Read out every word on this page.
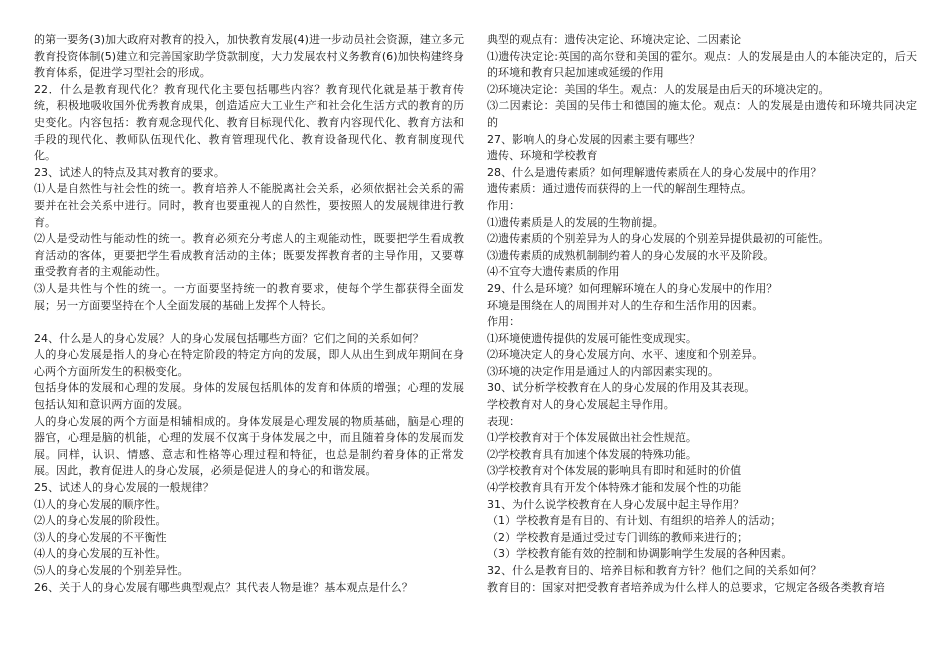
的第一要务(3)加大政府对教育的投入，加快教育发展(4)进一步动员社会资源，建立多元教育投资体制(5)建立和完善国家助学贷款制度，大力发展农村义务教育(6)加快构建终身教育体系，促进学习型社会的形成。

22．什么是教育现代化？教育现代化主要包括哪些内容？教育现代化就是基于教育传统，积极地吸收国外优秀教育成果，创造适应大工业生产和社会化生活方式的教育的历史变化。内容包括：教育观念现代化、教育目标现代化、教育内容现代化、教育方法和手段的现代化、教师队伍现代化、教育管理现代化、教育设备现代化、教育制度现代化。

23、试述人的特点及其对教育的要求。

⑴人是自然性与社会性的统一。教育培养人不能脱离社会关系，必须依据社会关系的需要并在社会关系中进行。同时，教育也要重视人的自然性，要按照人的发展规律进行教育。

⑵人是受动性与能动性的统一。教育必须充分考虑人的主观能动性，既要把学生看成教育活动的客体，更要把学生看成教育活动的主体；既要发挥教育者的主导作用，又要尊重受教育者的主观能动性。

⑶人是共性与个性的统一。一方面要坚持统一的教育要求，使每个学生都获得全面发展；另一方面要坚持在个人全面发展的基础上发挥个人特长。

24、什么是人的身心发展？人的身心发展包括哪些方面？它们之间的关系如何？

人的身心发展是指人的身心在特定阶段的特定方向的发展，即人从出生到成年期间在身心两个方面所发生的积极变化。

包括身体的发展和心理的发展。身体的发展包括肌体的发育和体质的增强；心理的发展包括认知和意识两方面的发展。

人的身心发展的两个方面是相辅相成的。身体发展是心理发展的物质基础，脑是心理的器官，心理是脑的机能，心理的发展不仅寓于身体发展之中，而且随着身体的发展而发展。同样，认识、情感、意志和性格等心理过程和特征，也总是制约着身体的正常发展。因此，教育促进人的身心发展，必须是促进人的身心的和谐发展。

25、试述人的身心发展的一般规律？

⑴人的身心发展的顺序性。

⑵人的身心发展的阶段性。

⑶人的身心发展的不平衡性

⑷人的身心发展的互补性。

⑸人的身心发展的个别差异性。

26、关于人的身心发展有哪些典型观点？其代表人物是谁？基本观点是什么？

典型的观点有：遗传决定论、环境决定论、二因素论

⑴遗传决定论:英国的高尔登和美国的霍尔。观点：人的发展是由人的本能决定的，后天的环境和教育只起加速或延缓的作用

⑵环境决定论：美国的华生。观点：人的发展是由后天的环境决定的。

⑶二因素论：美国的吴伟士和德国的施太伦。观点：人的发展是由遗传和环境共同决定的

27、影响人的身心发展的因素主要有哪些？

遗传、环境和学校教育

28、什么是遗传素质？如何理解遗传素质在人的身心发展中的作用？

遗传素质：通过遗传而获得的上一代的解剖生理特点。

作用：

⑴遗传素质是人的发展的生物前提。

⑵遗传素质的个别差异为人的身心发展的个别差异提供最初的可能性。

⑶遗传素质的成熟机制制约着人的身心发展的水平及阶段。

⑷不宜夸大遗传素质的作用

29、什么是环境？如何理解环境在人的身心发展中的作用？

环境是围绕在人的周围并对人的生存和生活作用的因素。

作用：

⑴环境使遗传提供的发展可能性变成现实。

⑵环境决定人的身心发展方向、水平、速度和个别差异。

⑶环境的决定作用是通过人的内部因素实现的。

30、试分析学校教育在人的身心发展的作用及其表现。

学校教育对人的身心发展起主导作用。

表现：

⑴学校教育对于个体发展做出社会性规范。

⑵学校教育具有加速个体发展的特殊功能。

⑶学校教育对个体发展的影响具有即时和延时的价值

⑷学校教育具有开发个体特殊才能和发展个性的功能

31、为什么说学校教育在人身心发展中起主导作用？

（1）学校教育是有目的、有计划、有组织的培养人的活动；

（2）学校教育是通过受过专门训练的教师来进行的；

（3）学校教育能有效的控制和协调影响学生发展的各种因素。

32、什么是教育目的、培养目标和教育方针？他们之间的关系如何？

教育目的：国家对把受教育者培养成为什么样人的总要求，它规定各级各类教育培
